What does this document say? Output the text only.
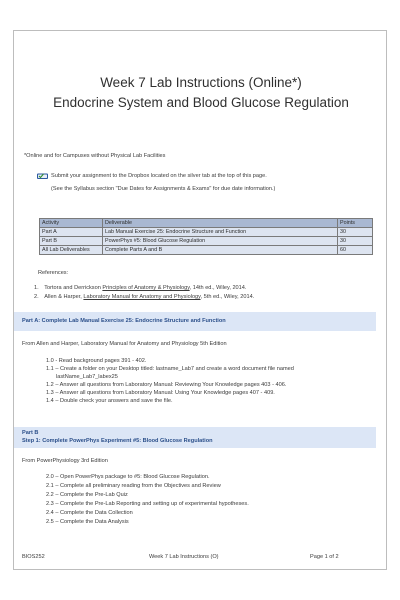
Week 7 Lab Instructions (Online*)
Endocrine System and Blood Glucose Regulation
*Online and for Campuses without Physical Lab Facilities
Submit your assignment to the Dropbox located on the silver tab at the top of this page.
(See the Syllabus section "Due Dates for Assignments & Exams" for due date information.)
Activity	Deliverable	Points
Part A	Lab Manual Exercise 25: Endocrine Structure and Function	30
Part B	PowerPhys #5: Blood Glucose Regulation	30
All Lab Deliverables	Complete Parts A and B	60
References:
1. Tortora and Derrickson Principles of Anatomy & Physiology, 14th ed., Wiley, 2014.
2. Allen & Harper, Laboratory Manual for Anatomy and Physiology, 5th ed., Wiley, 2014.
Part A: Complete Lab Manual Exercise 25: Endocrine Structure and Function
From Allen and Harper, Laboratory Manual for Anatomy and Physiology 5th Edition
1.0 - Read background pages 391 - 402.
1.1 – Create a folder on your Desktop titled: lastname_Lab7 and create a word document file named
lastName_Lab7_labex25
1.2 – Answer all questions from Laboratory Manual: Reviewing Your Knowledge pages 403 - 406.
1.3 – Answer all questions from Laboratory Manual: Using Your Knowledge pages 407 - 409.
1.4 – Double check your answers and save the file.
Part B
Step 1: Complete PowerPhys Experiment #5: Blood Glucose Regulation
From PowerPhysiology 3rd Edition
2.0 – Open PowerPhys package to #5: Blood Glucose Regulation.
2.1 – Complete all preliminary reading from the Objectives and Review
2.2 – Complete the Pre-Lab Quiz
2.3 – Complete the Pre-Lab Reporting and setting up of experimental hypotheses.
2.4 – Complete the Data Collection
2.5 – Complete the Data Analysis
BIOS252	Week 7 Lab Instructions (O)	Page 1 of 2
